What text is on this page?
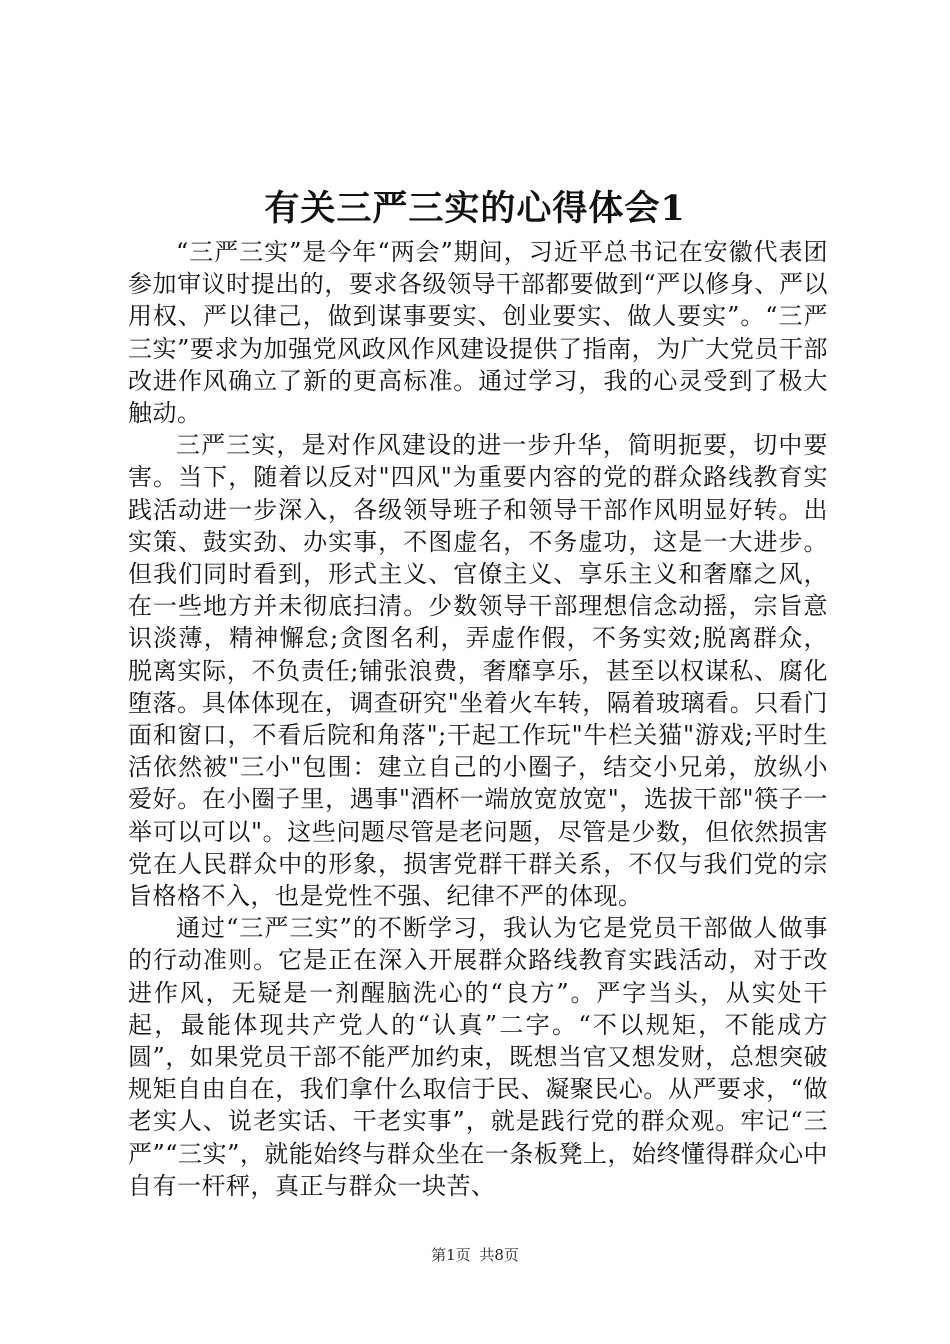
有关三严三实的心得体会1

“三严三实”是今年“两会”期间，习近平总书记在安徽代表团参加审议时提出的，要求各级领导干部都要做到“严以修身、严以用权、严以律己，做到谋事要实、创业要实、做人要实”。“三严三实”要求为加强党风政风作风建设提供了指南，为广大党员干部改进作风确立了新的更高标准。通过学习，我的心灵受到了极大触动。

三严三实，是对作风建设的进一步升华，简明扼要，切中要害。当下，随着以反对"四风"为重要内容的党的群众路线教育实践活动进一步深入，各级领导班子和领导干部作风明显好转。出实策、鼓实劲、办实事，不图虚名，不务虚功，这是一大进步。但我们同时看到，形式主义、官僚主义、享乐主义和奢靡之风，在一些地方并未彻底扫清。少数领导干部理想信念动摇，宗旨意识淡薄，精神懈怠;贪图名利，弄虚作假，不务实效;脱离群众，脱离实际，不负责任;铺张浪费，奢靡享乐，甚至以权谋私、腐化堕落。具体体现在，调查研究"坐着火车转，隔着玻璃看。只看门面和窗口，不看后院和角落";干起工作玩"牛栏关猫"游戏;平时生活依然被"三小"包围：建立自己的小圈子，结交小兄弟，放纵小爱好。在小圈子里，遇事"酒杯一端放宽放宽"，选拔干部"筷子一举可以可以"。这些问题尽管是老问题，尽管是少数，但依然损害党在人民群众中的形象，损害党群干群关系，不仅与我们党的宗旨格格不入，也是党性不强、纪律不严的体现。

通过“三严三实”的不断学习，我认为它是党员干部做人做事的行动准则。它是正在深入开展群众路线教育实践活动，对于改进作风，无疑是一剂醒脑洗心的“良方”。严字当头，从实处干起，最能体现共产党人的“认真”二字。“不以规矩，不能成方圆”，如果党员干部不能严加约束，既想当官又想发财，总想突破规矩自由自在，我们拿什么取信于民、凝聚民心。从严要求，“做老实人、说老实话、干老实事”，就是践行党的群众观。牢记“三严”“三实”，就能始终与群众坐在一条板凳上，始终懂得群众心中自有一杆秤，真正与群众一块苦、

第1页 共8页
